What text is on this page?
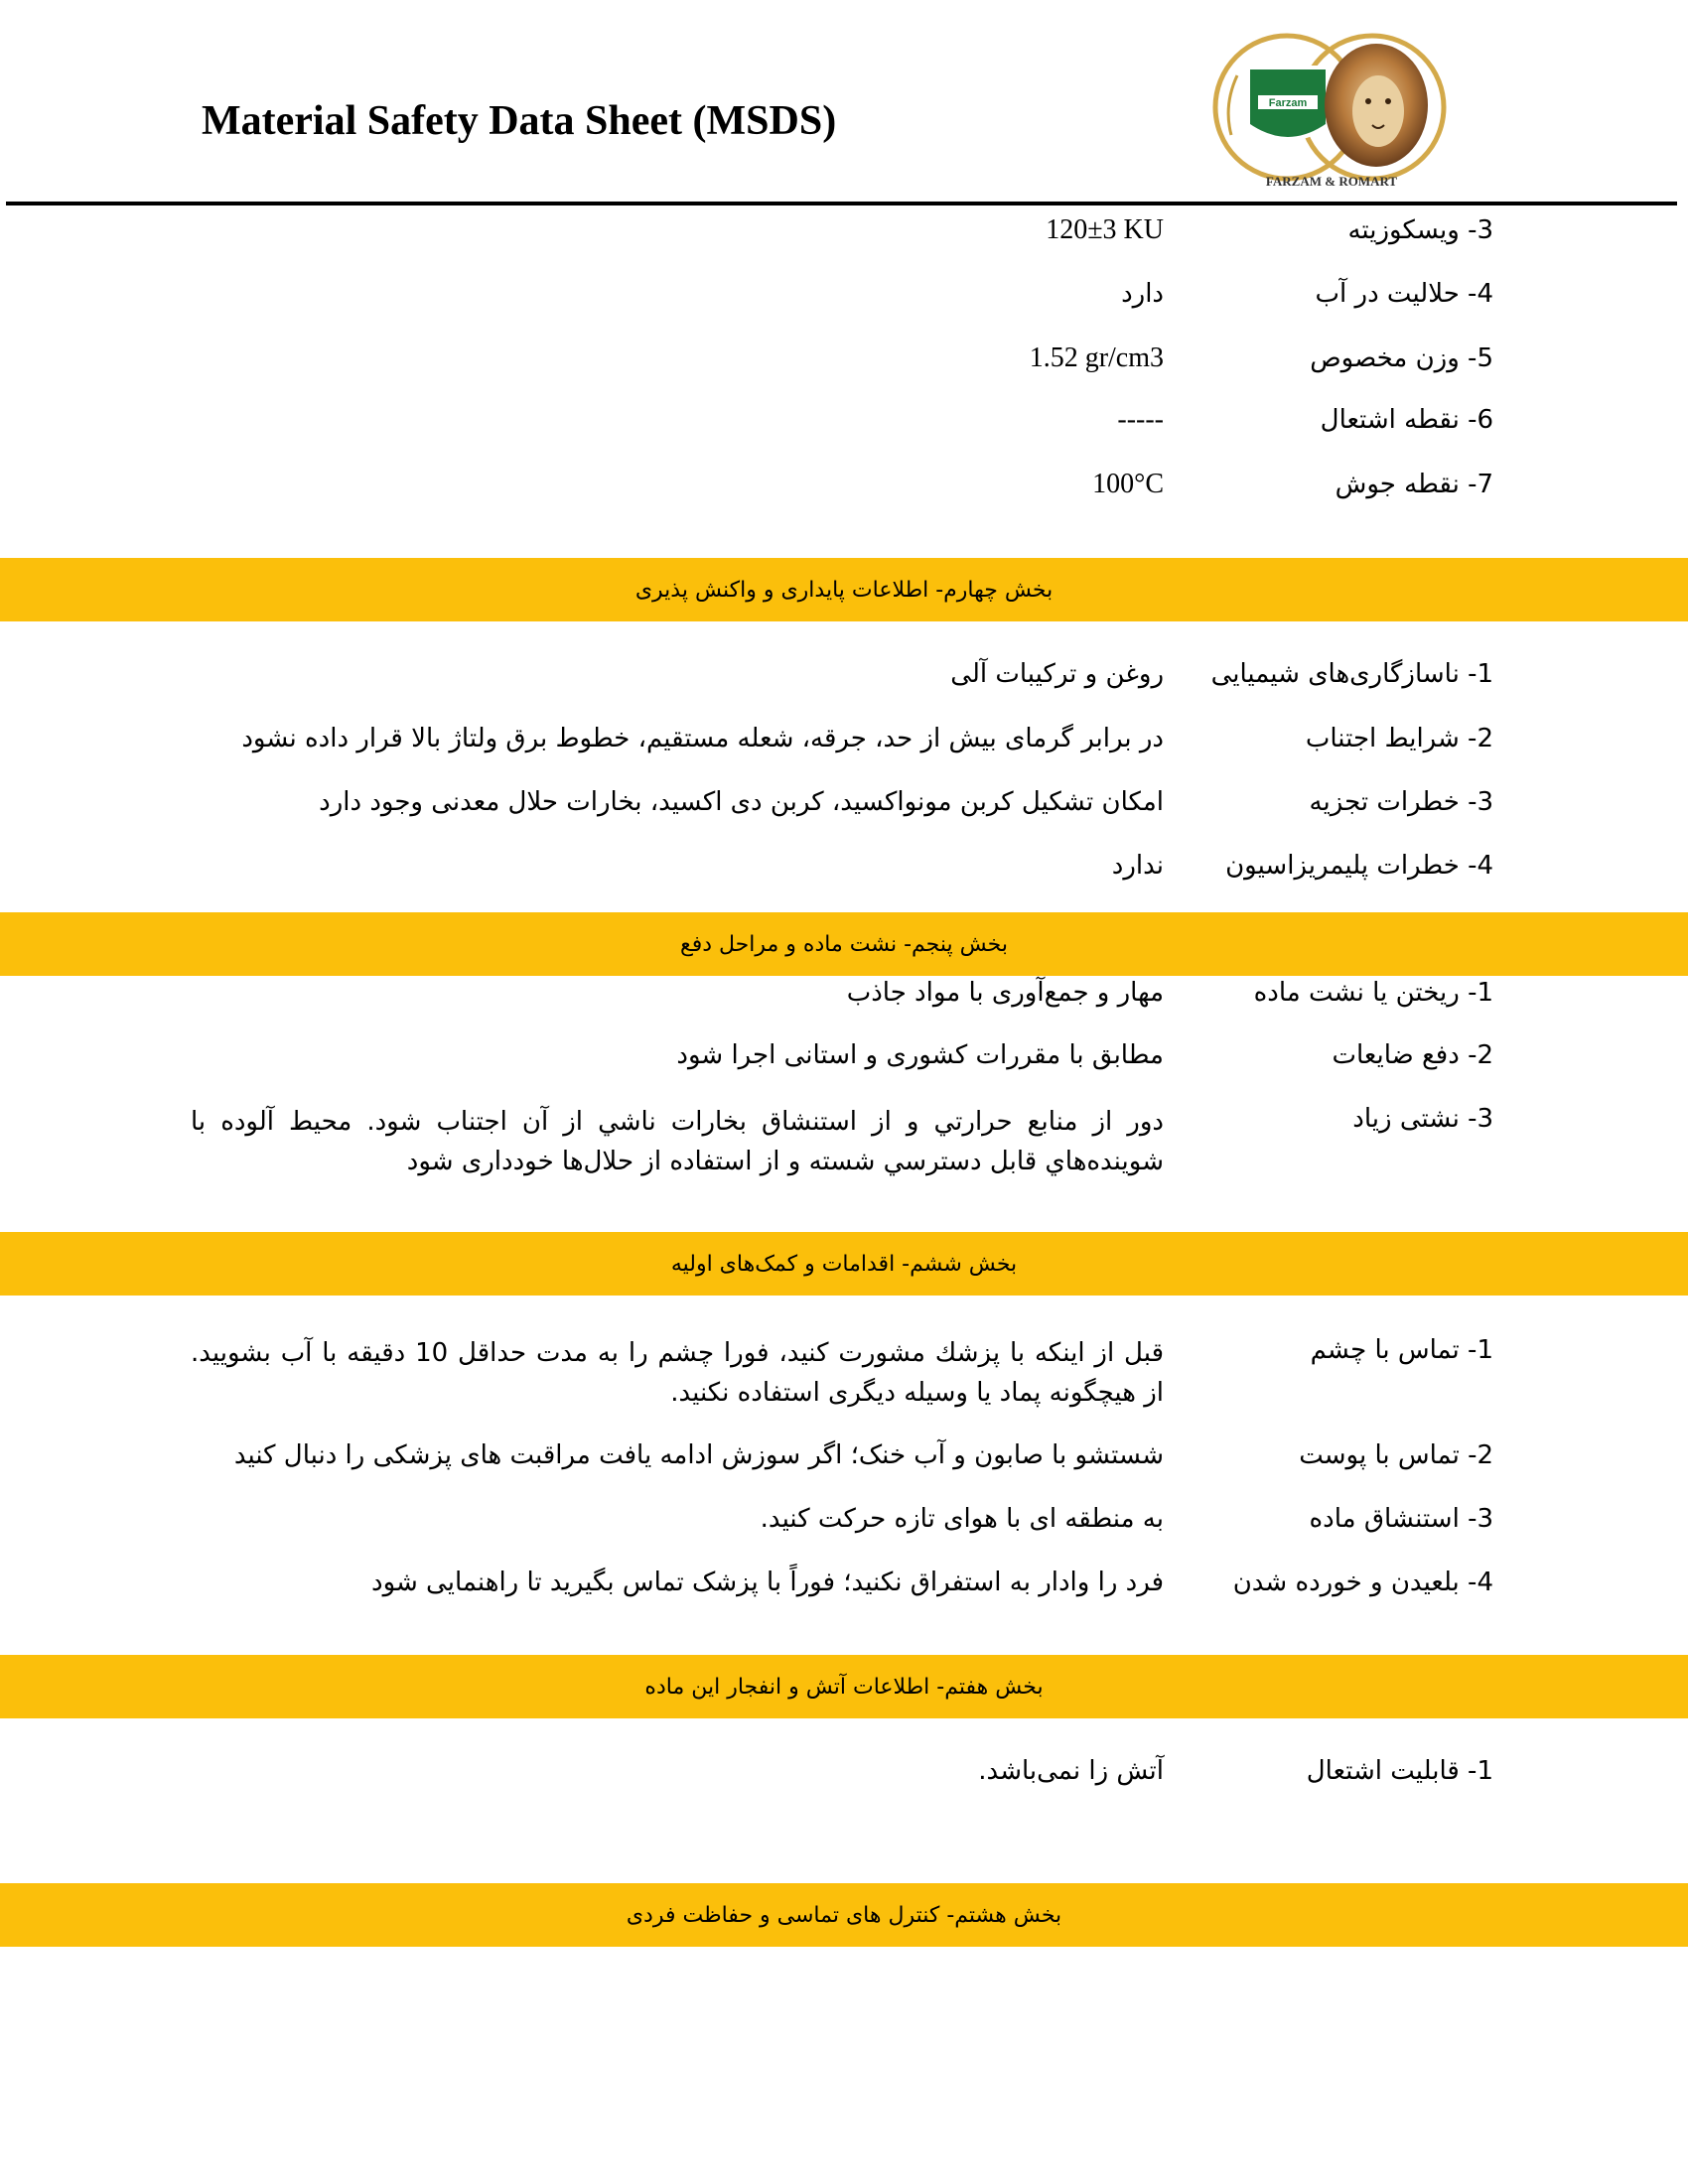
Material Safety Data Sheet (MSDS)	Farzam
FARZAM & ROMART
3- ویسکوزیته
120±3 KU
4- حلالیت در آب
دارد
5- وزن مخصوص
1.52 gr/cm3
6- نقطه اشتعال
-----
7- نقطه جوش
100°C
بخش چهارم- اطلاعات پایداری و واکنش پذیری
1- ناسازگاری‌های شیمیایی
روغن و ترکیبات آلی
2- شرایط اجتناب
در برابر گرمای بیش از حد، جرقه، شعله مستقیم، خطوط برق ولتاژ بالا قرار داده نشود
3- خطرات تجزیه
امکان تشکیل کربن مونواکسید، کربن دی اکسید، بخارات حلال معدنی وجود دارد
4- خطرات پلیمریزاسیون
ندارد
بخش پنجم- نشت ماده و مراحل دفع
1- ریختن یا نشت ماده
مهار و جمع‌آوری با مواد جاذب
2- دفع ضایعات
مطابق با مقررات کشوری و استانی اجرا شود
3- نشتی زیاد
دور از منابع حرارتي و از استنشاق بخارات ناشي از آن اجتناب شود. محیط آلوده با شوینده‌هاي قابل دسترسي شسته و از استفاده از حلال‌ها خودداری شود
بخش ششم- اقدامات و کمک‌های اولیه
1- تماس با چشم
قبل از اینکه با پزشك مشورت کنید، فورا چشم را به مدت حداقل 10 دقیقه با آب بشویید. از هیچگونه پماد یا وسیله دیگری استفاده نکنید.
2- تماس با پوست
شستشو با صابون و آب خنک؛ اگر سوزش ادامه یافت مراقبت های پزشکی را دنبال کنید
3- استنشاق ماده
به منطقه ای با هوای تازه حرکت کنید.
4- بلعیدن و خورده شدن
فرد را وادار به استفراق نکنید؛ فوراً با پزشک تماس بگیرید تا راهنمایی شود
بخش هفتم- اطلاعات آتش و انفجار این ماده
1- قابلیت اشتعال
آتش زا نمی‌باشد.
بخش هشتم- کنترل های تماسی و حفاظت فردی
